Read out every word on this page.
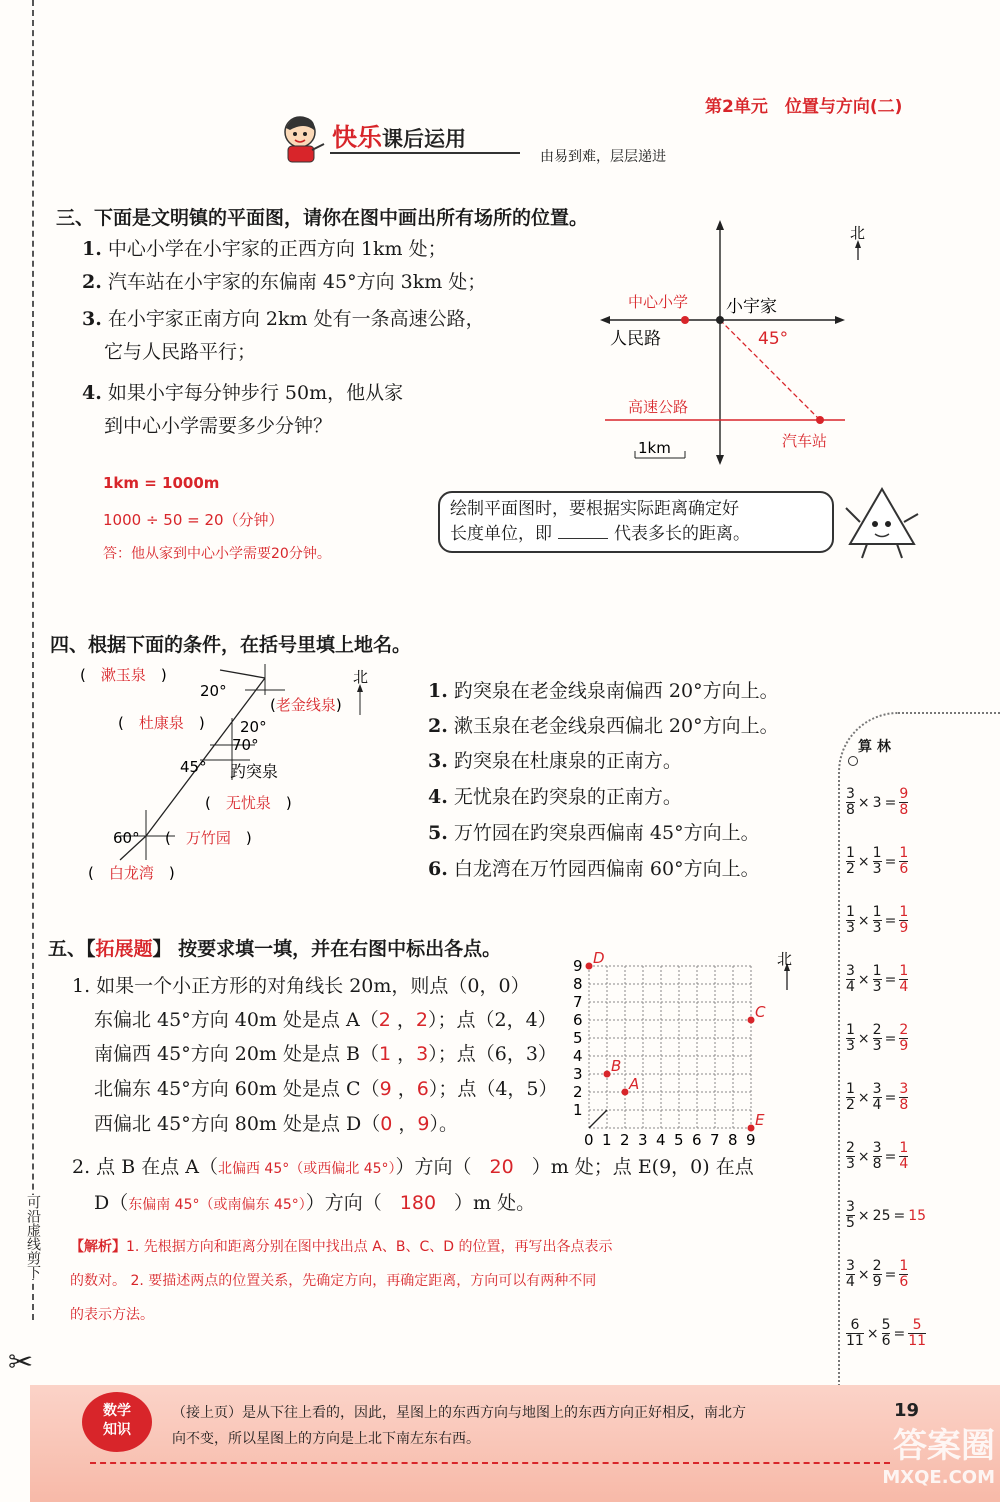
可沿虚线剪下
✂
第2单元　位置与方向(二)
快乐课后运用
由易到难，层层递进
三、下面是文明镇的平面图，请你在图中画出所有场所的位置。
1. 中心小学在小宇家的正西方向 1km 处；
2. 汽车站在小宇家的东偏南 45°方向 3km 处；
3. 在小宇家正南方向 2km 处有一条高速公路，
它与人民路平行；
4. 如果小宇每分钟步行 50m，他从家
到中心小学需要多少分钟？
1km = 1000m
1000 ÷ 50 = 20（分钟）
答：他从家到中心小学需要20分钟。
北
中心小学 小宇家
人民路	45°
高速公路
汽车站
1km
绘制平面图时，要根据实际距离确定好
长度单位，即	代表多长的距离。
四、根据下面的条件，在括号里填上地名。
北
(　漱玉泉　)
(老金线泉)
(　杜康泉　)
(　无忧泉　)
(　万竹园　)
(　白龙湾　)
趵突泉
20°
20°
70°
45°
60°
1. 趵突泉在老金线泉南偏西 20°方向上。
2. 漱玉泉在老金线泉西偏北 20°方向上。
3. 趵突泉在杜康泉的正南方。
4. 无忧泉在趵突泉的正南方。
5. 万竹园在趵突泉西偏南 45°方向上。
6. 白龙湾在万竹园西偏南 60°方向上。
五、【拓展题】 按要求填一填，并在右图中标出各点。
1. 如果一个小正方形的对角线长 20m，则点（0，0）
东偏北 45°方向 40m 处是点 A（2 ，2）；点（2，4）
南偏西 45°方向 20m 处是点 B（1 ，3）；点（6，3）
北偏东 45°方向 60m 处是点 C（9 ，6）；点（4，5）
西偏北 45°方向 80m 处是点 D（0 ，9）。
2. 点 B 在点 A（北偏西 45°（或西偏北 45°））方向（ 20 ）m 处；点 E(9，0) 在点
D（东偏南 45°（或南偏东 45°））方向（ 180 ）m 处。
【解析】1. 先根据方向和距离分别在图中找出点 A、B、C、D 的位置，再写出各点表示
的数对。 2. 要描述两点的位置关系，先确定方向，再确定距离，方向可以有两种不同
的表示方法。
0 1 2 3 4 5 6 7 8 9
1
2
3
4
5
6
7
8
9
A
B
C
D
E
北
算 林
$\frac{3}{8} \times 3 = \frac{9}{8}$
$\frac{1}{2} \times \frac{1}{3} = \frac{1}{6}$
$\frac{1}{3} \times \frac{1}{3} = \frac{1}{9}$
$\frac{3}{4} \times \frac{1}{3} = \frac{1}{4}$
$\frac{1}{3} \times \frac{2}{3} = \frac{2}{9}$
$\frac{1}{2} \times \frac{3}{4} = \frac{3}{8}$
$\frac{2}{3} \times \frac{3}{8} = \frac{1}{4}$
$\frac{3}{5} \times 25 = 15$
$\frac{3}{4} \times \frac{2}{9} = \frac{1}{6}$
$\frac{6}{11} \times \frac{5}{6} = \frac{5}{11}$
数学
知识
（接上页）是从下往上看的，因此，星图上的东西方向与地图上的东西方向正好相反，南北方
向不变，所以星图上的方向是上北下南左东右西。
19
答案圈
MXQE.COM
